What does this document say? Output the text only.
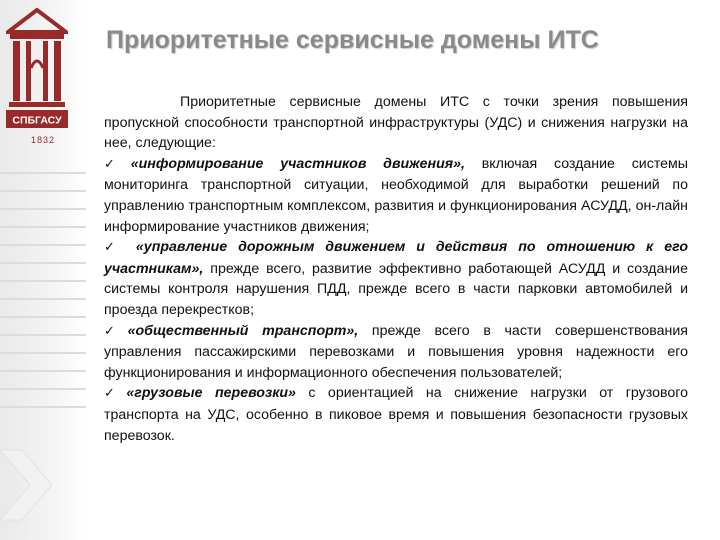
СПБГАСУ
1832
Приоритетные сервисные домены ИТС

Приоритетные сервисные домены ИТС с точки зрения повышения пропускной способности транспортной инфраструктуры (УДС) и снижения нагрузки на нее, следующие:

✓ «информирование участников движения», включая создание системы мониторинга транспортной ситуации, необходимой для выработки решений по управлению транспортным комплексом, развития и функционирования АСУДД, он-лайн информирование участников движения;

✓ «управление дорожным движением и действия по отношению к его участникам», прежде всего, развитие эффективно работающей АСУДД и создание системы контроля нарушения ПДД, прежде всего в части парковки автомобилей и проезда перекрестков;

✓ «общественный транспорт», прежде всего в части совершенствования управления пассажирскими перевозками и повышения уровня надежности его функционирования и информационного обеспечения пользователей;

✓ «грузовые перевозки» с ориентацией на снижение нагрузки от грузового транспорта на УДС, особенно в пиковое время и повышения безопасности грузовых перевозок.
